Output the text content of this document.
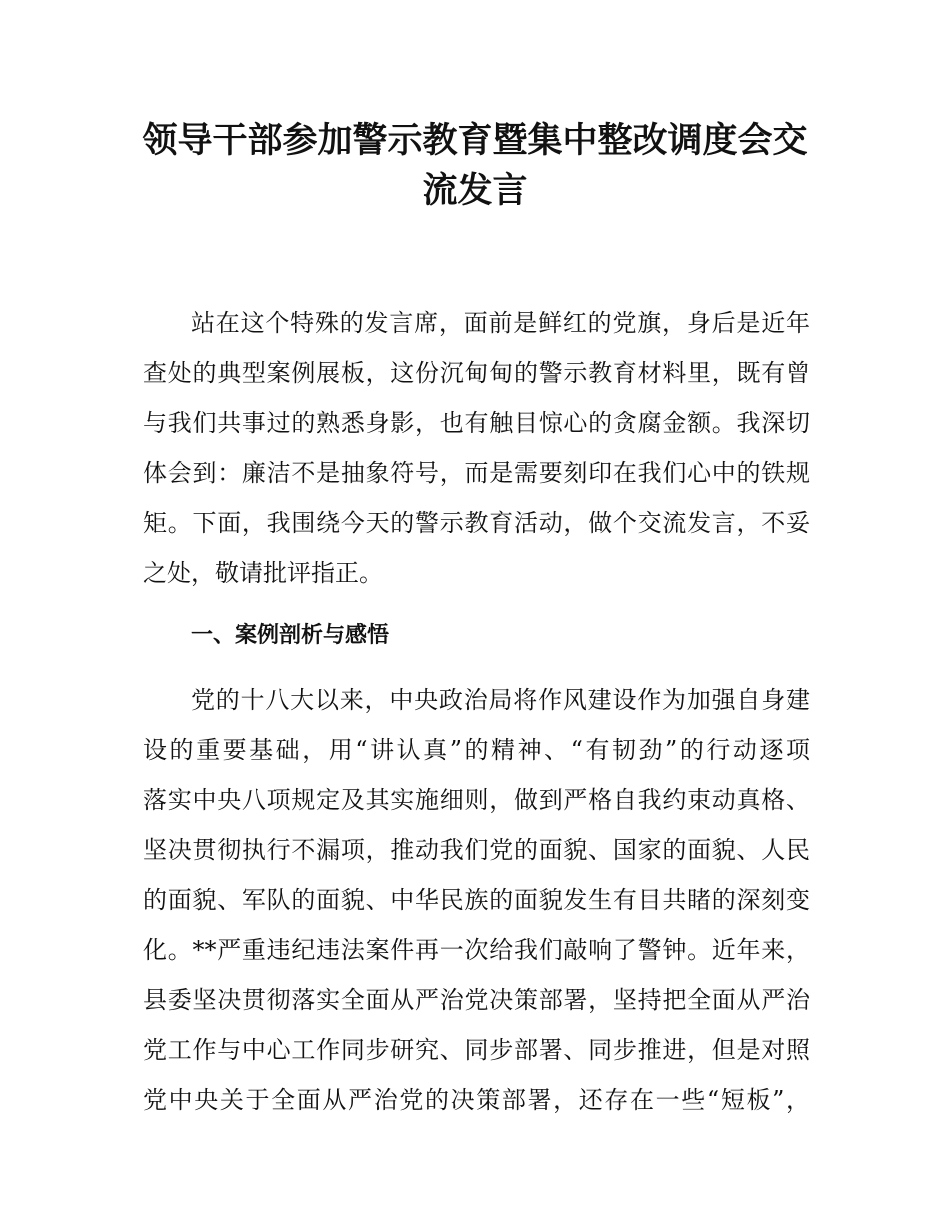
领导干部参加警示教育暨集中整改调度会交
流发言

站在这个特殊的发言席，面前是鲜红的党旗，身后是近年

查处的典型案例展板，这份沉甸甸的警示教育材料里，既有曾

与我们共事过的熟悉身影，也有触目惊心的贪腐金额。我深切

体会到：廉洁不是抽象符号，而是需要刻印在我们心中的铁规

矩。下面，我围绕今天的警示教育活动，做个交流发言，不妥

之处，敬请批评指正。

一、案例剖析与感悟

党的十八大以来，中央政治局将作风建设作为加强自身建

设的重要基础，用“讲认真”的精神、“有韧劲”的行动逐项

落实中央八项规定及其实施细则，做到严格自我约束动真格、

坚决贯彻执行不漏项，推动我们党的面貌、国家的面貌、人民

的面貌、军队的面貌、中华民族的面貌发生有目共睹的深刻变

化。**严重违纪违法案件再一次给我们敲响了警钟。近年来，

县委坚决贯彻落实全面从严治党决策部署，坚持把全面从严治

党工作与中心工作同步研究、同步部署、同步推进，但是对照

党中央关于全面从严治党的决策部署，还存在一些“短板”，
